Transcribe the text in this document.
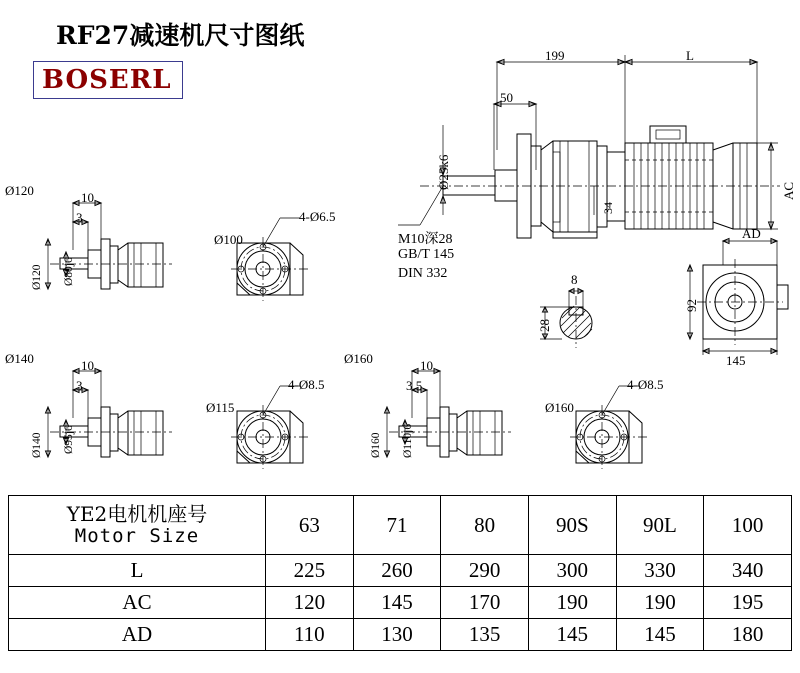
RF27减速机尺寸图纸
BOSERL
199	L
50
Ø25k6
34
AC
M10深28
GB/T 145
DIN 332	8
28
AD
92
145
Ø120	10
3
Ø120 Ø80j6
Ø100
4-Ø6.5
Ø140	10
3
Ø140 Ø95j6
Ø115
4-Ø8.5
Ø160	10
3.5
Ø160 Ø110j6
Ø160
4-Ø8.5
YE2电机机座号
Motor Size	63	71	80	90S	90L	100
L	225	260	290	300	330	340
AC	120	145	170	190	190	195
AD	110	130	135	145	145	180
